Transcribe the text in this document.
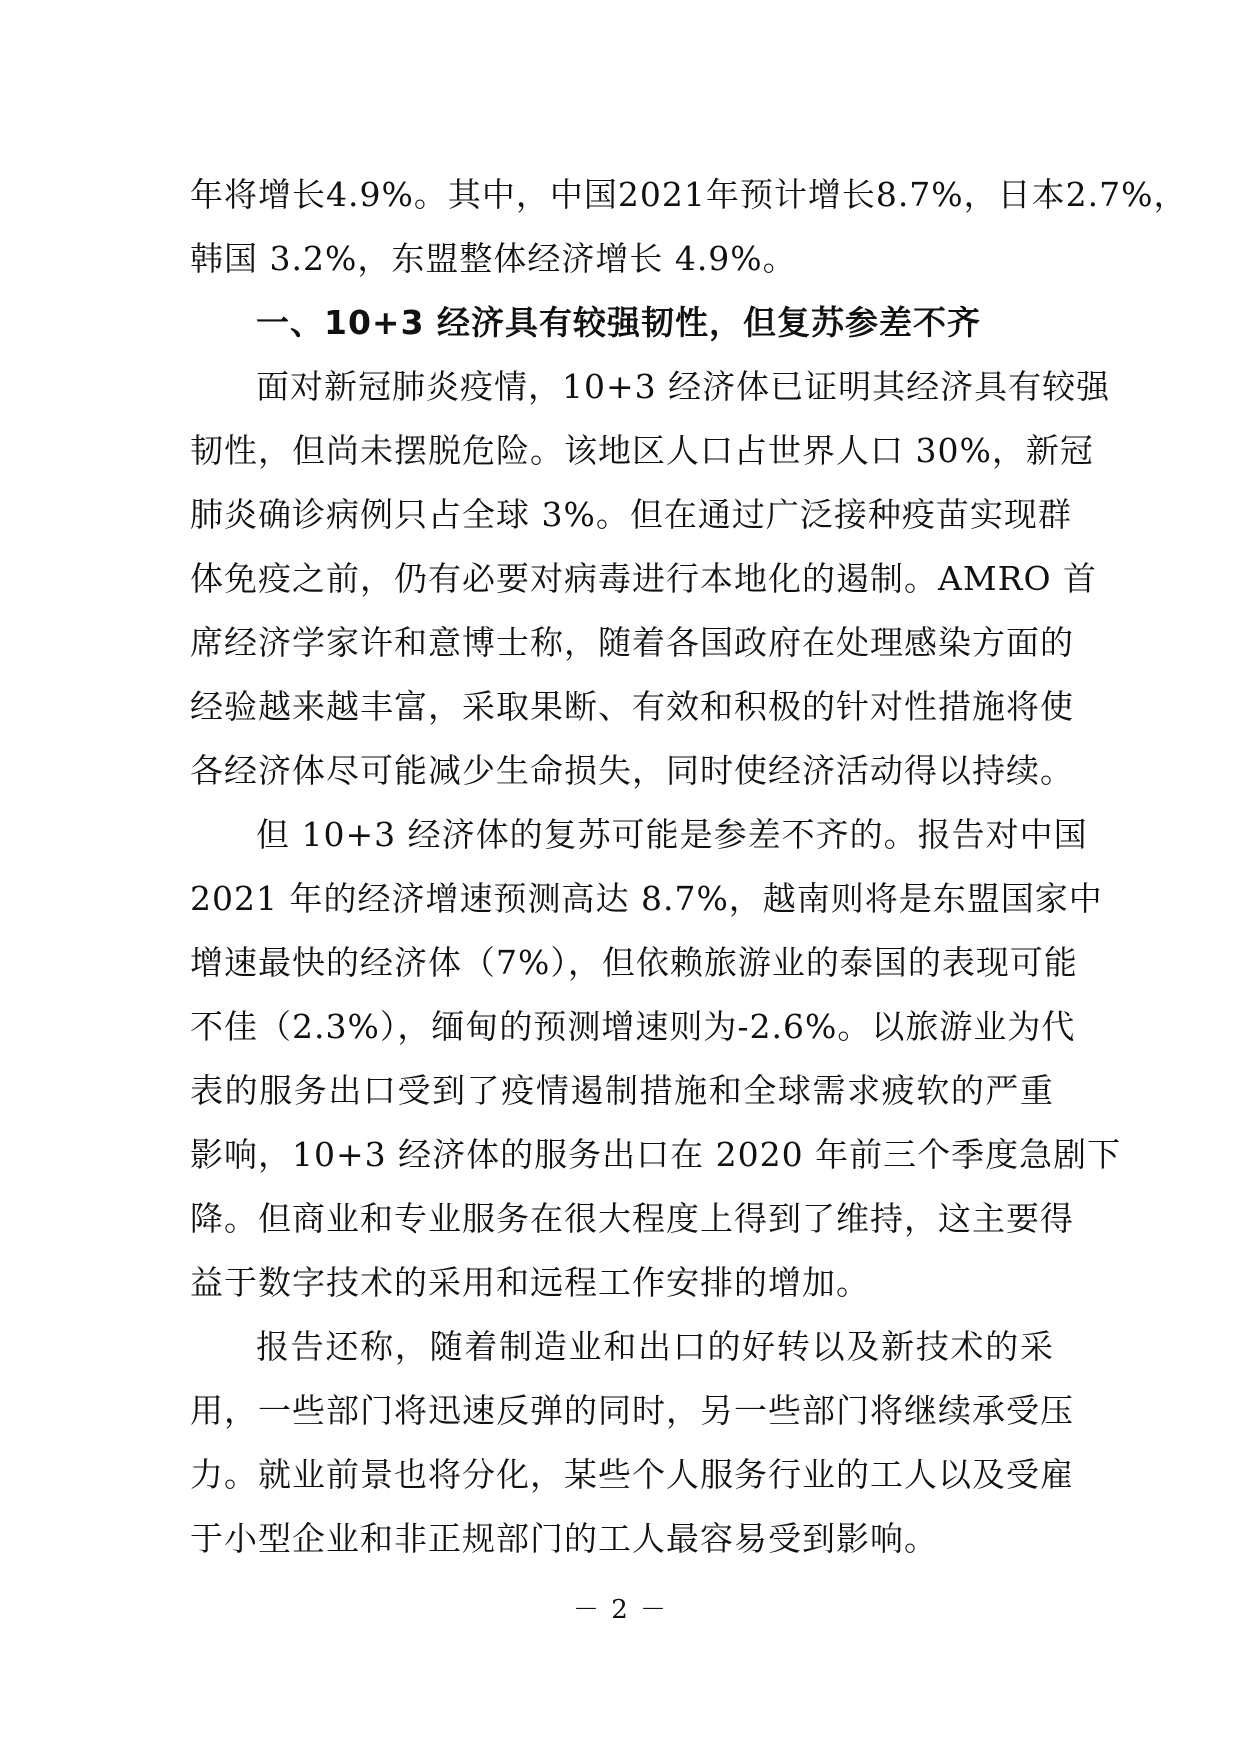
年将增长4.9%。其中，中国2021年预计增长8.7%，日本2.7%，
韩国 3.2%，东盟整体经济增长 4.9%。
一、10+3 经济具有较强韧性，但复苏参差不齐
面对新冠肺炎疫情，10+3 经济体已证明其经济具有较强
韧性，但尚未摆脱危险。该地区人口占世界人口 30%，新冠
肺炎确诊病例只占全球 3%。但在通过广泛接种疫苗实现群
体免疫之前，仍有必要对病毒进行本地化的遏制。AMRO 首
席经济学家许和意博士称，随着各国政府在处理感染方面的
经验越来越丰富，采取果断、有效和积极的针对性措施将使
各经济体尽可能减少生命损失，同时使经济活动得以持续。
但 10+3 经济体的复苏可能是参差不齐的。报告对中国
2021 年的经济增速预测高达 8.7%，越南则将是东盟国家中
增速最快的经济体（7%），但依赖旅游业的泰国的表现可能
不佳（2.3%），缅甸的预测增速则为-2.6%。以旅游业为代
表的服务出口受到了疫情遏制措施和全球需求疲软的严重
影响，10+3 经济体的服务出口在 2020 年前三个季度急剧下
降。但商业和专业服务在很大程度上得到了维持，这主要得
益于数字技术的采用和远程工作安排的增加。
报告还称，随着制造业和出口的好转以及新技术的采
用，一些部门将迅速反弹的同时，另一些部门将继续承受压
力。就业前景也将分化，某些个人服务行业的工人以及受雇
于小型企业和非正规部门的工人最容易受到影响。
－ 2 －
